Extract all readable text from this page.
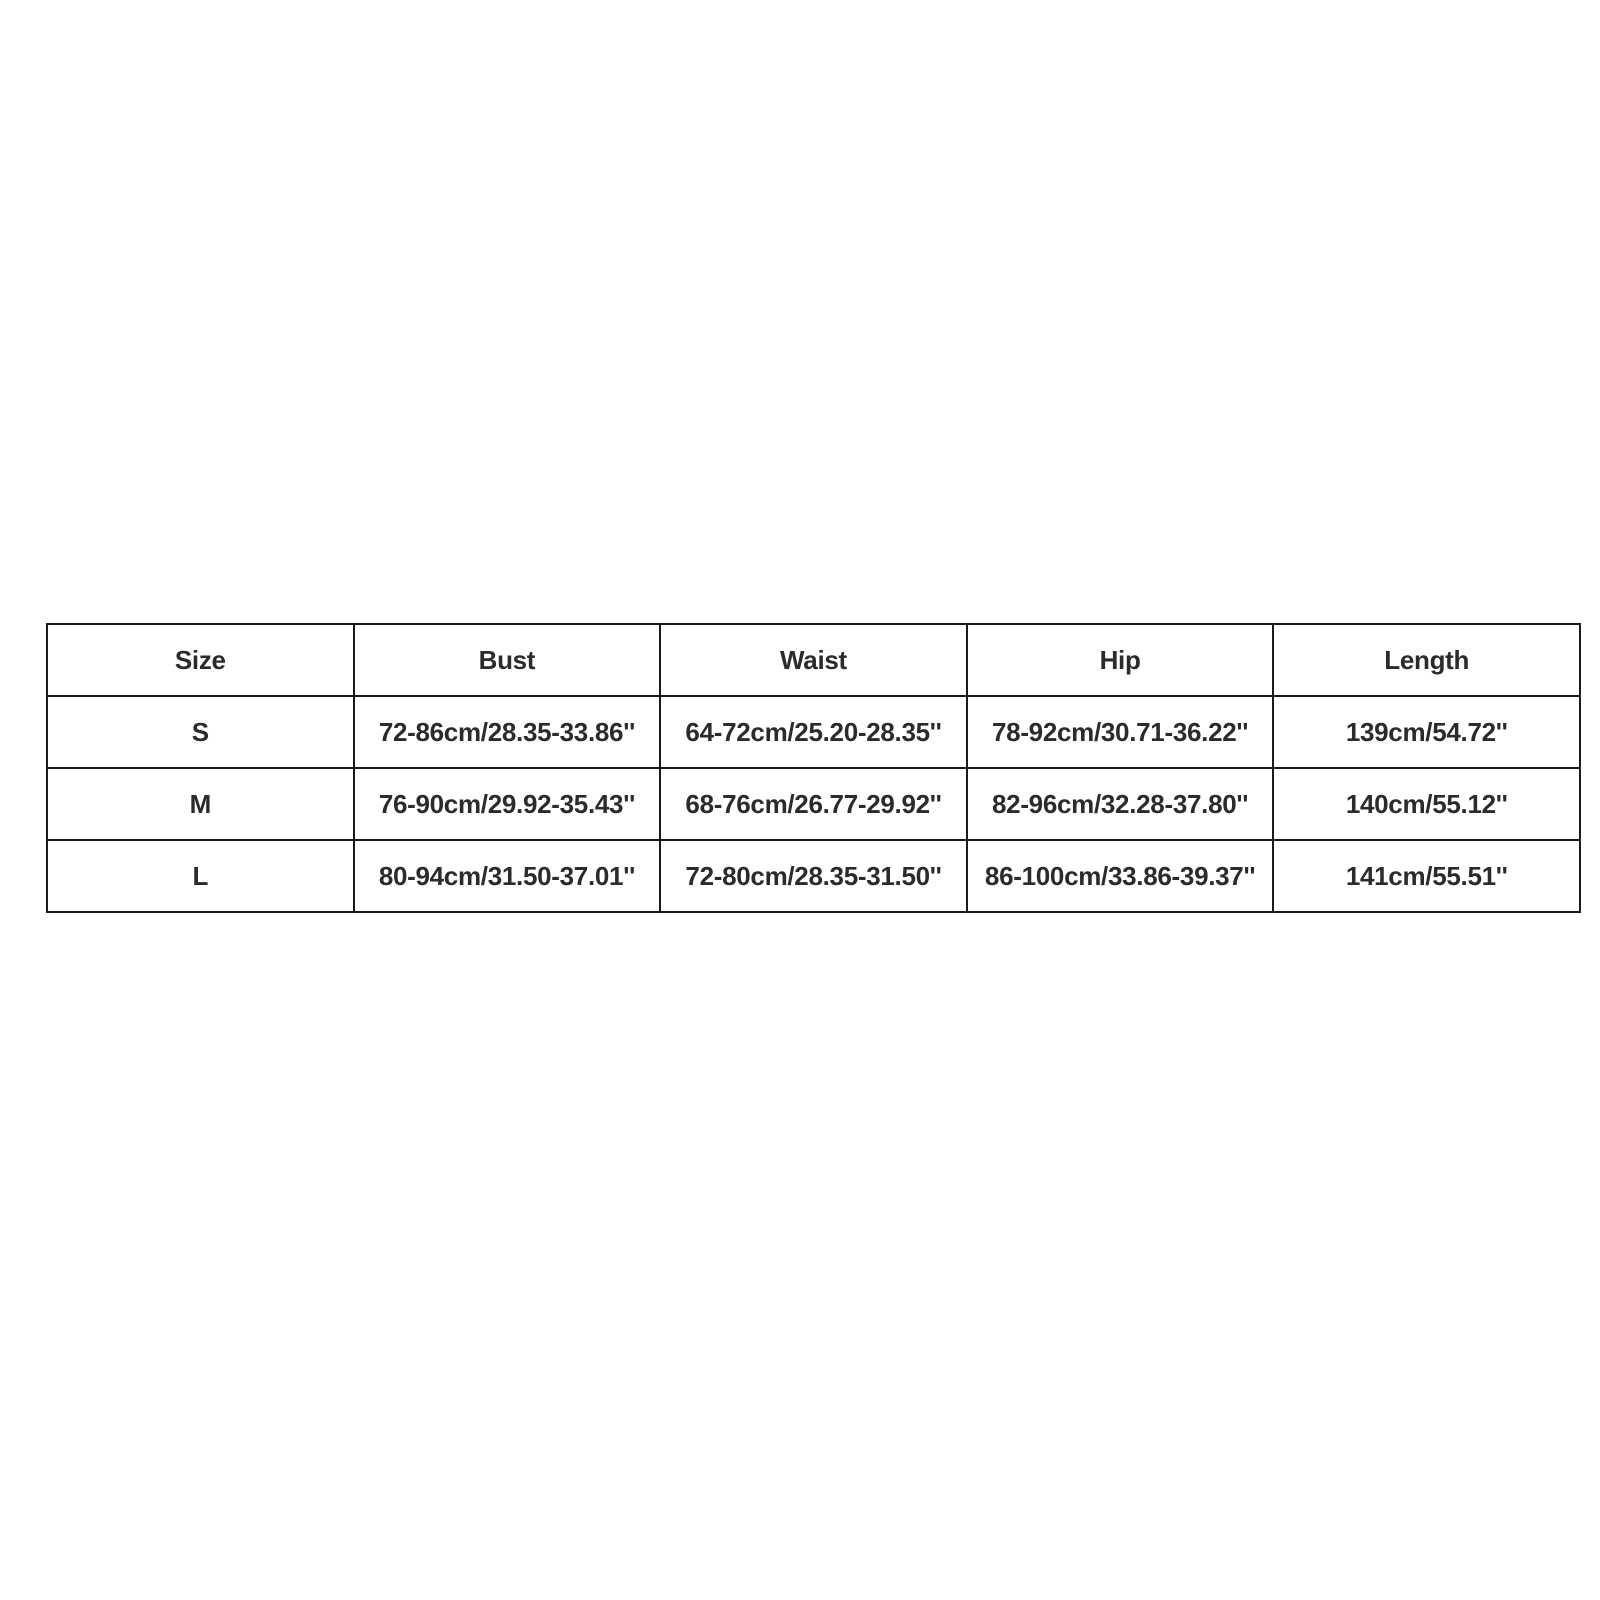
Size	Bust	Waist	Hip	Length
S	72-86cm/28.35-33.86''	64-72cm/25.20-28.35''	78-92cm/30.71-36.22''	139cm/54.72''
M	76-90cm/29.92-35.43''	68-76cm/26.77-29.92''	82-96cm/32.28-37.80''	140cm/55.12''
L	80-94cm/31.50-37.01''	72-80cm/28.35-31.50''	86-100cm/33.86-39.37''	141cm/55.51''
